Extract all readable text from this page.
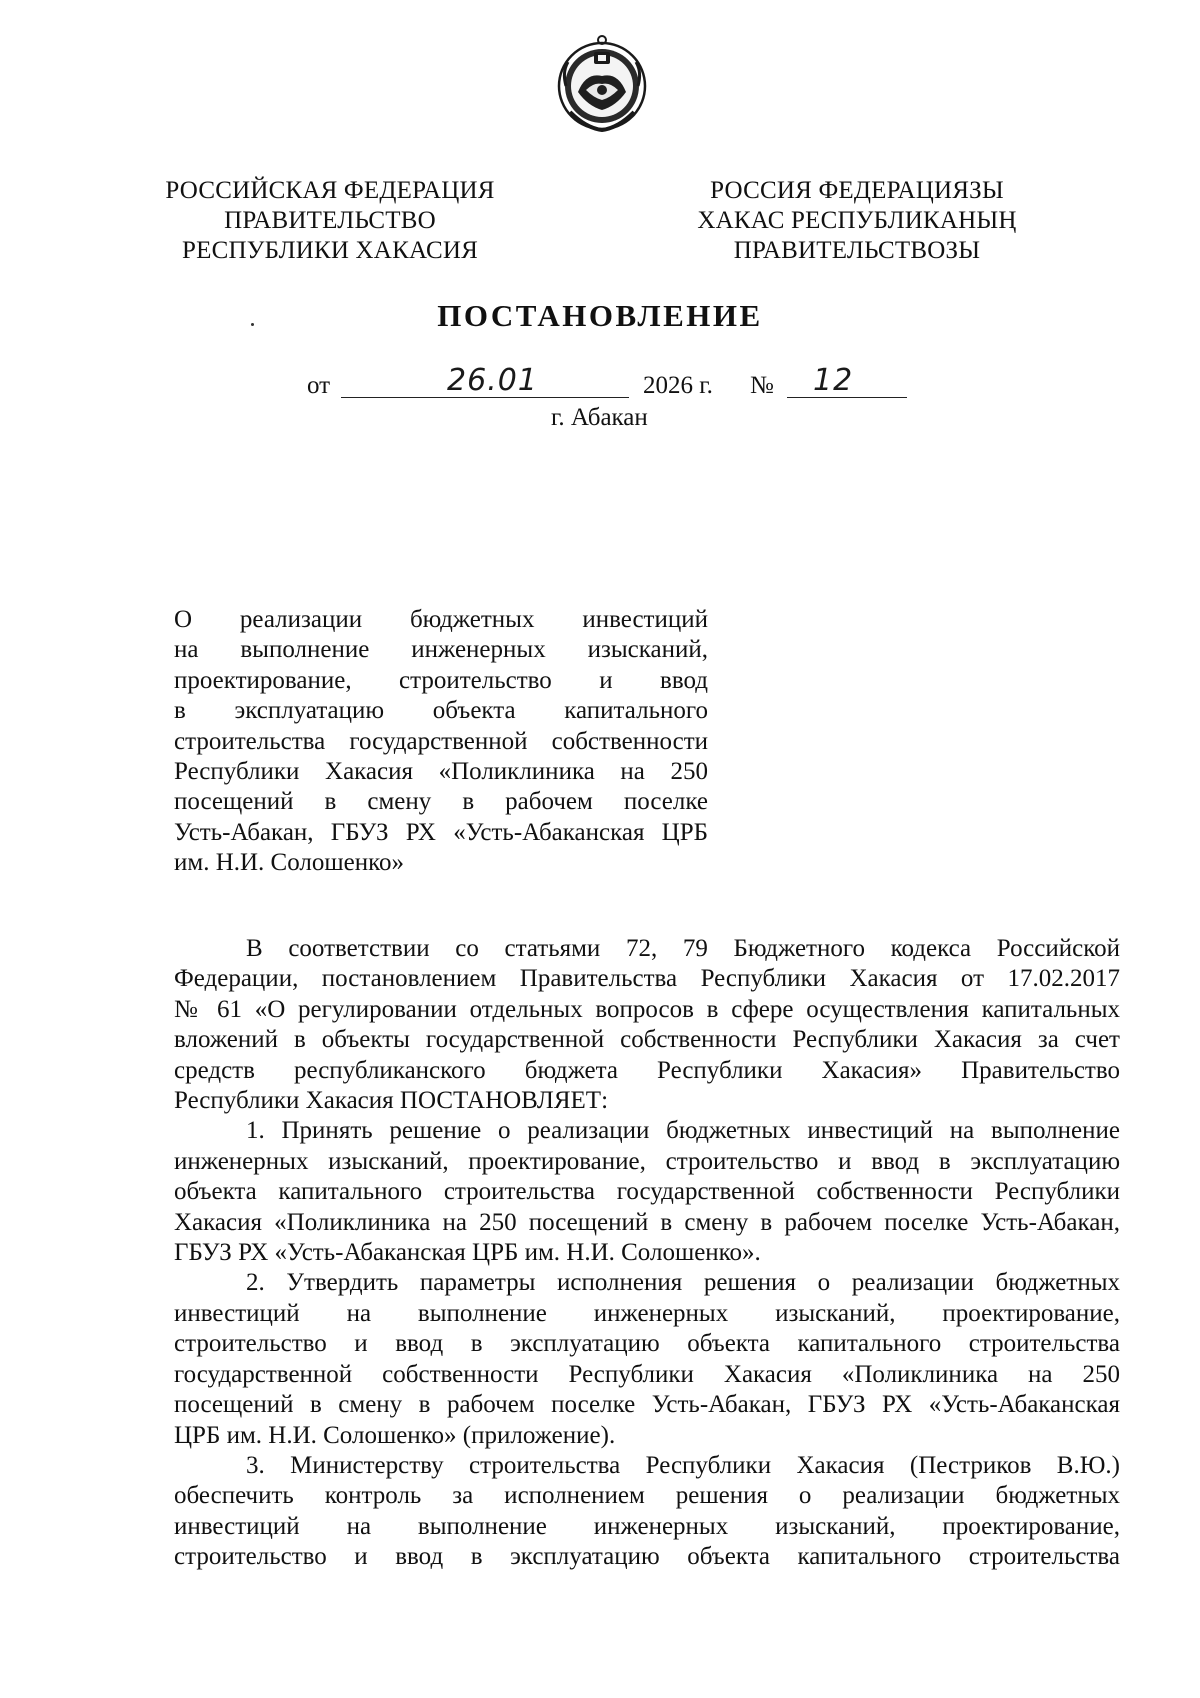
РОССИЙСКАЯ ФЕДЕРАЦИЯ
ПРАВИТЕЛЬСТВО
РЕСПУБЛИКИ ХАКАСИЯ
РОССИЯ ФЕДЕРАЦИЯЗЫ
ХАКАС РЕСПУБЛИКАНЫҢ
ПРАВИТЕЛЬСТВОЗЫ
ПОСТАНОВЛЕНИЕ
от	26.01	2026 г. № 12
г. Абакан
О реализации бюджетных инвестиций
на выполнение инженерных изысканий,
проектирование, строительство и ввод
в эксплуатацию объекта капитального
строительства государственной собственности
Республики Хакасия «Поликлиника на 250
посещений в смену в рабочем поселке
Усть-Абакан, ГБУЗ РХ «Усть-Абаканская ЦРБ
им. Н.И. Солошенко»
В соответствии со статьями 72, 79 Бюджетного кодекса Российской
Федерации, постановлением Правительства Республики Хакасия от 17.02.2017
№ 61 «О регулировании отдельных вопросов в сфере осуществления капитальных
вложений в объекты государственной собственности Республики Хакасия за счет
средств республиканского бюджета Республики Хакасия» Правительство
Республики Хакасия ПОСТАНОВЛЯЕТ:
1. Принять решение о реализации бюджетных инвестиций на выполнение
инженерных изысканий, проектирование, строительство и ввод в эксплуатацию
объекта капитального строительства государственной собственности Республики
Хакасия «Поликлиника на 250 посещений в смену в рабочем поселке Усть-Абакан,
ГБУЗ РХ «Усть-Абаканская ЦРБ им. Н.И. Солошенко».
2. Утвердить параметры исполнения решения о реализации бюджетных
инвестиций на выполнение инженерных изысканий, проектирование,
строительство и ввод в эксплуатацию объекта капитального строительства
государственной собственности Республики Хакасия «Поликлиника на 250
посещений в смену в рабочем поселке Усть-Абакан, ГБУЗ РХ «Усть-Абаканская
ЦРБ им. Н.И. Солошенко» (приложение).
3. Министерству строительства Республики Хакасия (Пестриков В.Ю.)
обеспечить контроль за исполнением решения о реализации бюджетных
инвестиций на выполнение инженерных изысканий, проектирование,
строительство и ввод в эксплуатацию объекта капитального строительства
